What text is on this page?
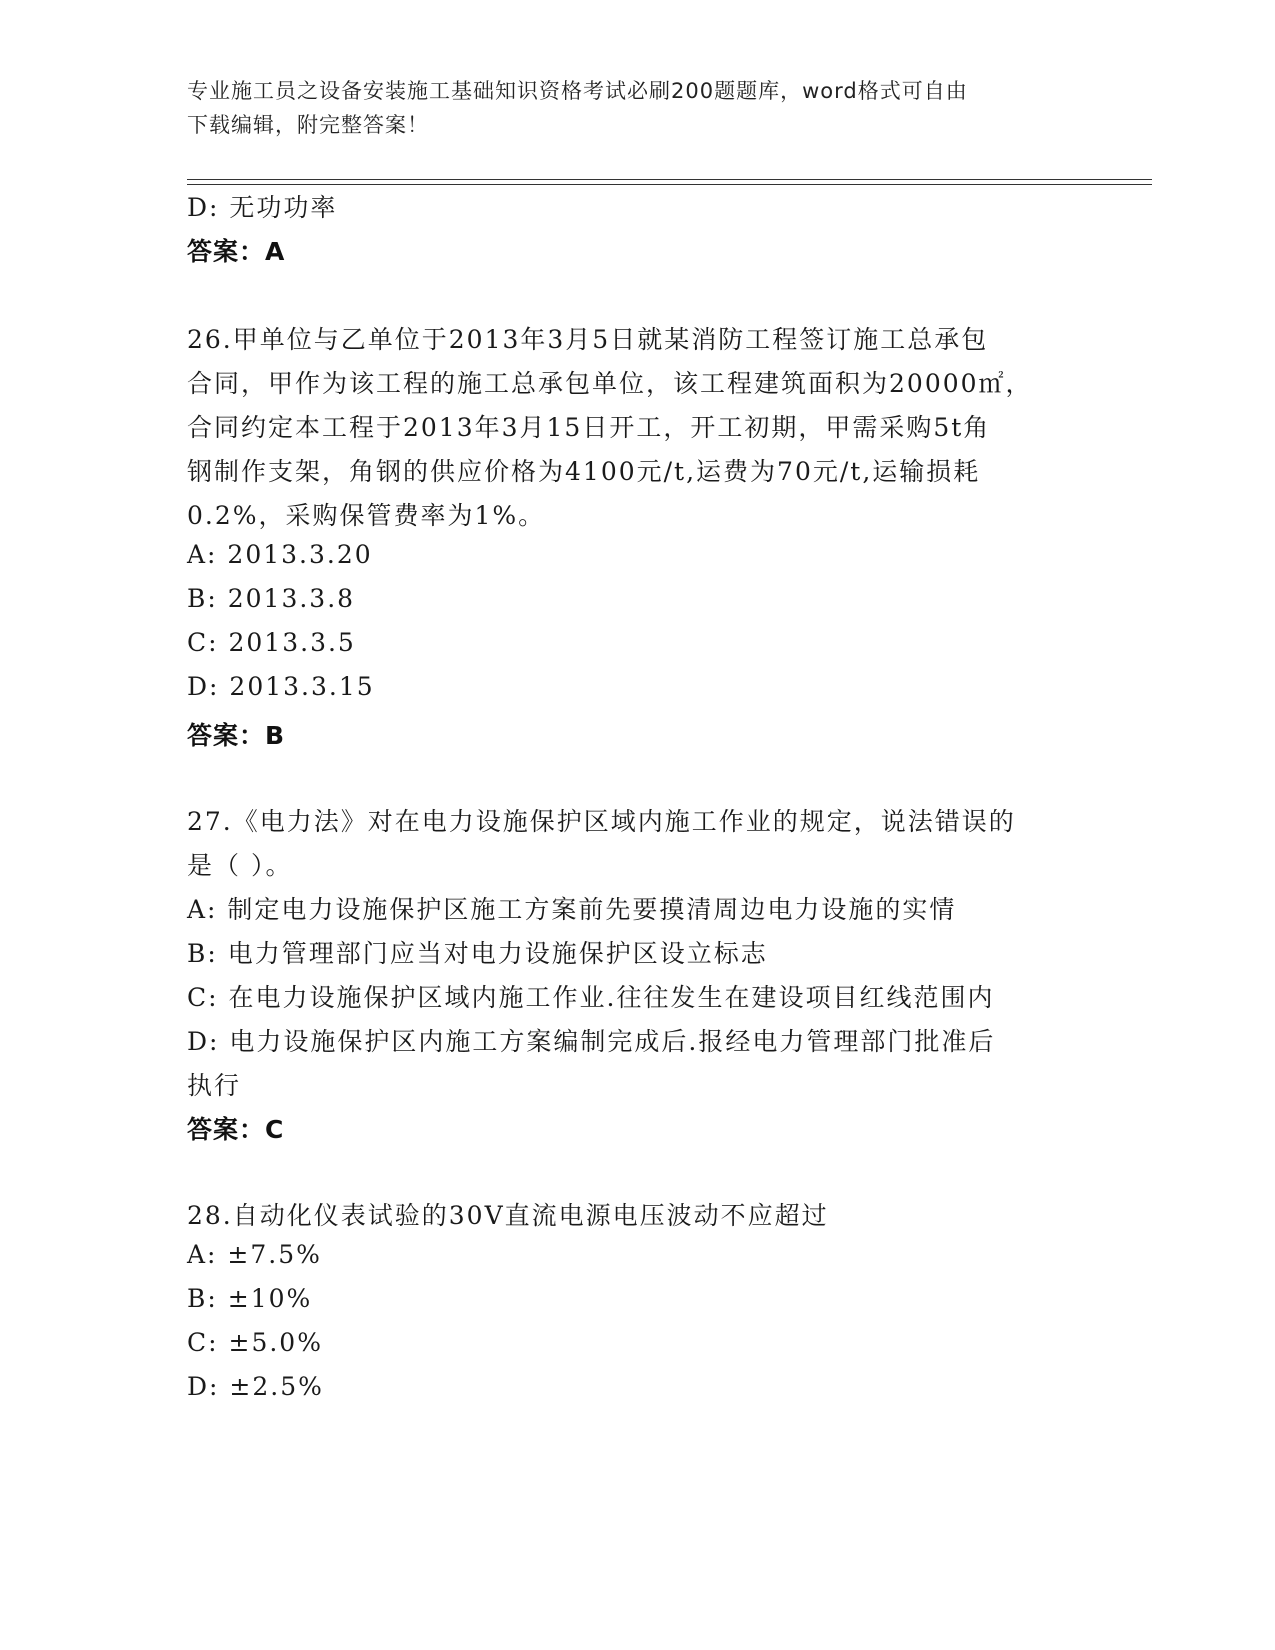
专业施工员之设备安装施工基础知识资格考试必刷200题题库，word格式可自由
下载编辑，附完整答案！
D: 无功功率
答案：A
26.甲单位与乙单位于2013年3月5日就某消防工程签订施工总承包
合同，甲作为该工程的施工总承包单位，该工程建筑面积为20000㎡，
合同约定本工程于2013年3月15日开工，开工初期，甲需采购5t角
钢制作支架，角钢的供应价格为4100元/t,运费为70元/t,运输损耗
0.2%，采购保管费率为1%。
A: 2013.3.20
B: 2013.3.8
C: 2013.3.5
D: 2013.3.15
答案：B
27.《电力法》对在电力设施保护区域内施工作业的规定，说法错误的
是（ ）。
A: 制定电力设施保护区施工方案前先要摸清周边电力设施的实情
B: 电力管理部门应当对电力设施保护区设立标志
C: 在电力设施保护区域内施工作业.往往发生在建设项目红线范围内
D: 电力设施保护区内施工方案编制完成后.报经电力管理部门批准后
执行
答案：C
28.自动化仪表试验的30V直流电源电压波动不应超过
A: ±7.5%
B: ±10%
C: ±5.0%
D: ±2.5%
